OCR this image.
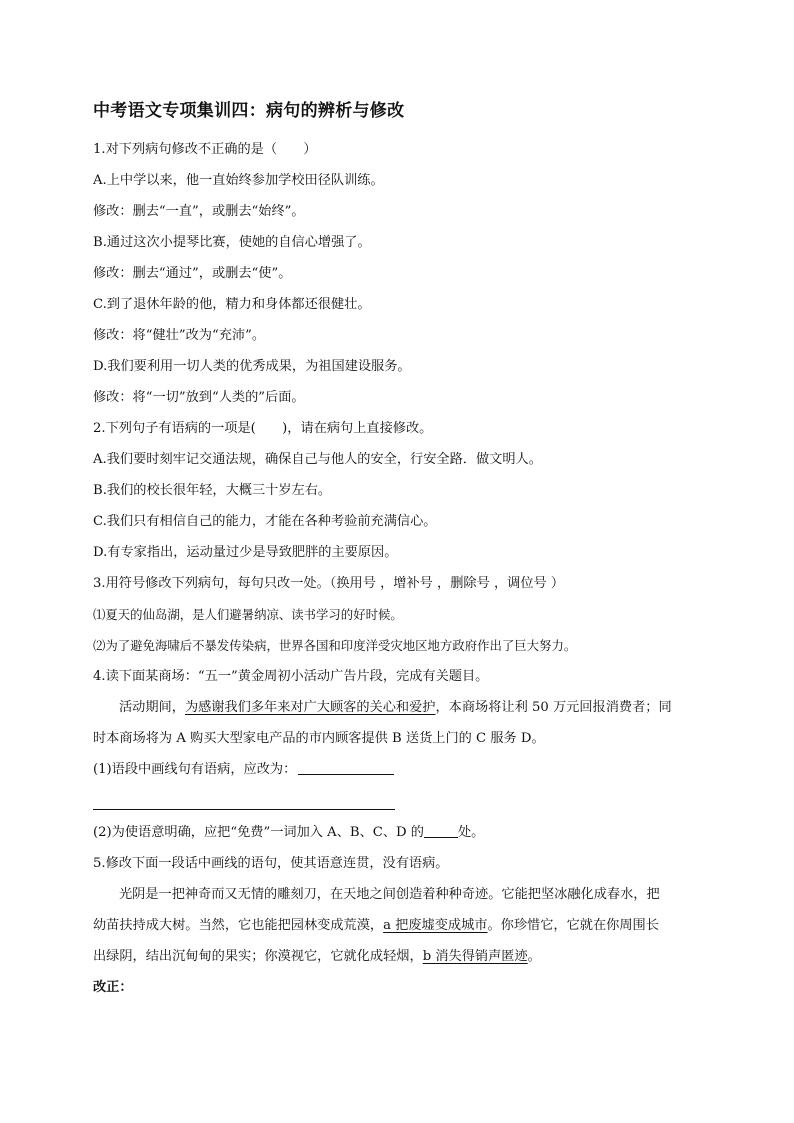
中考语文专项集训四：病句的辨析与修改
1.对下列病句修改不正确的是（　　）
A.上中学以来，他一直始终参加学校田径队训练。
修改：删去“一直”，或删去“始终”。
B.通过这次小提琴比赛，使她的自信心增强了。
修改：删去“通过”，或删去“使”。
C.到了退休年龄的他，精力和身体都还很健壮。
修改：将“健壮”改为“充沛”。
D.我们要利用一切人类的优秀成果，为祖国建设服务。
修改：将“一切”放到“人类的”后面。
2.下列句子有语病的一项是(　　)，请在病句上直接修改。
A.我们要时刻牢记交通法规，确保自己与他人的安全，行安全路．做文明人。
B.我们的校长很年轻，大概三十岁左右。
C.我们只有相信自己的能力，才能在各种考验前充满信心。
D.有专家指出，运动量过少是导致肥胖的主要原因。
3.用符号修改下列病句，每句只改一处。（换用号 ，增补号 ，删除号 ，调位号 ）
⑴夏天的仙岛湖，是人们避暑纳凉、读书学习的好时候。
⑵为了避免海啸后不暴发传染病，世界各国和印度洋受灾地区地方政府作出了巨大努力。
4.读下面某商场：“五一”黄金周初小活动广告片段，完成有关题目。
活动期间，为感谢我们多年来对广大顾客的关心和爱护，本商场将让利 50 万元回报消费者；同
时本商场将为 A 购买大型家电产品的市内顾客提供 B 送货上门的 C 服务 D。
(1)语段中画线句有语病，应改为：
(2)为使语意明确，应把“免费”一词加入 A、B、C、D 的	处。
5.修改下面一段话中画线的语句，使其语意连贯，没有语病。
光阴是一把神奇而又无情的雕刻刀，在天地之间创造着种种奇迹。它能把坚冰融化成春水，把
幼苗扶持成大树。当然，它也能把园林变成荒漠，a 把废墟变成城市。你珍惜它，它就在你周围长
出绿阴，结出沉甸甸的果实；你漠视它，它就化成轻烟，b 消失得销声匿迹。
改正：
